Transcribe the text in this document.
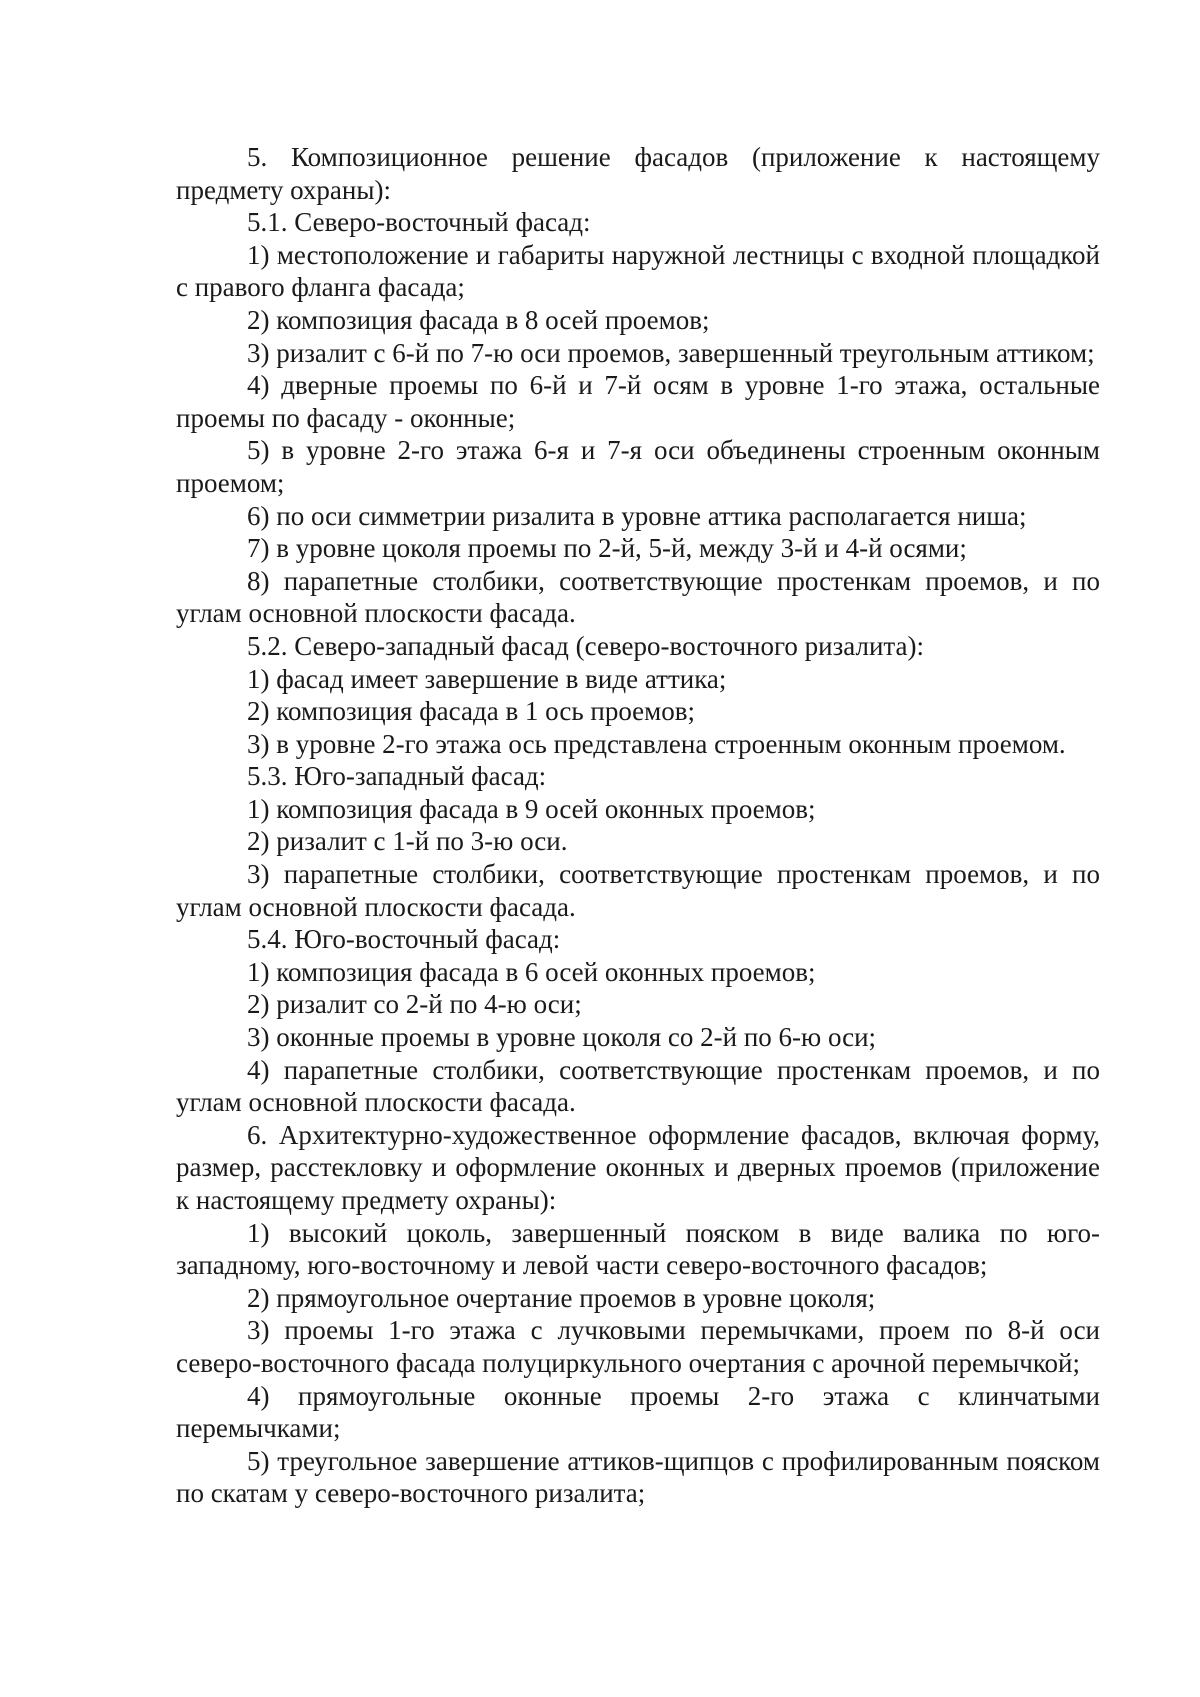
5. Композиционное решение фасадов (приложение к настоящему предмету охраны):

5.1. Северо-восточный фасад:

1) местоположение и габариты наружной лестницы с входной площадкой с правого фланга фасада;

2) композиция фасада в 8 осей проемов;

3) ризалит с 6-й по 7-ю оси проемов, завершенный треугольным аттиком;

4) дверные проемы по 6-й и 7-й осям в уровне 1-го этажа, остальные проемы по фасаду - оконные;

5) в уровне 2-го этажа 6-я и 7-я оси объединены строенным оконным проемом;

6) по оси симметрии ризалита в уровне аттика располагается ниша;

7) в уровне цоколя проемы по 2-й, 5-й, между 3-й и 4-й осями;

8) парапетные столбики, соответствующие простенкам проемов, и по углам основной плоскости фасада.

5.2. Северо-западный фасад (северо-восточного ризалита):

1) фасад имеет завершение в виде аттика;

2) композиция фасада в 1 ось проемов;

3) в уровне 2-го этажа ось представлена строенным оконным проемом.

5.3. Юго-западный фасад:

1) композиция фасада в 9 осей оконных проемов;

2) ризалит с 1-й по 3-ю оси.

3) парапетные столбики, соответствующие простенкам проемов, и по углам основной плоскости фасада.

5.4. Юго-восточный фасад:

1) композиция фасада в 6 осей оконных проемов;

2) ризалит со 2-й по 4-ю оси;

3) оконные проемы в уровне цоколя со 2-й по 6-ю оси;

4) парапетные столбики, соответствующие простенкам проемов, и по углам основной плоскости фасада.

6. Архитектурно-художественное оформление фасадов, включая форму, размер, расстекловку и оформление оконных и дверных проемов (приложение к настоящему предмету охраны):

1) высокий цоколь, завершенный пояском в виде валика по юго-западному, юго-восточному и левой части северо-восточного фасадов;

2) прямоугольное очертание проемов в уровне цоколя;

3) проемы 1-го этажа с лучковыми перемычками, проем по 8-й оси северо-восточного фасада полуциркульного очертания с арочной перемычкой;

4) прямоугольные оконные проемы 2-го этажа с клинчатыми перемычками;

5) треугольное завершение аттиков-щипцов с профилированным пояском по скатам у северо-восточного ризалита;
